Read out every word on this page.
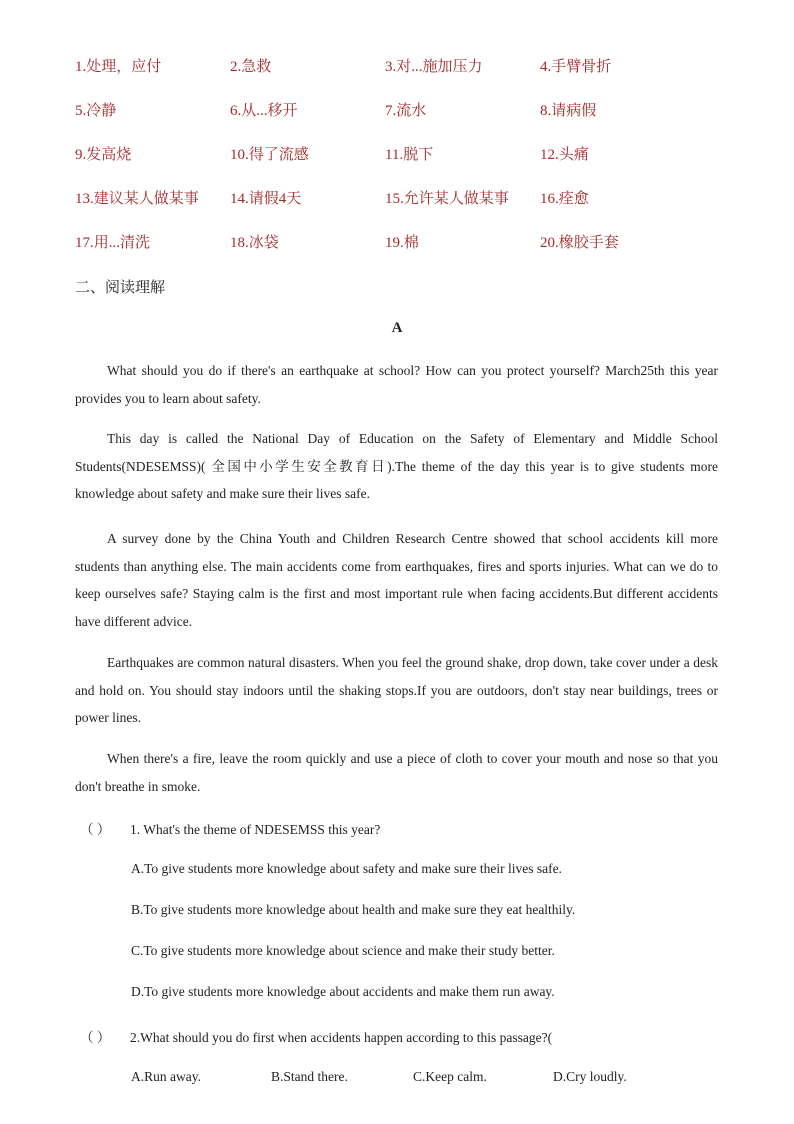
1.处理，应付	2.急救	3.对...施加压力	4.手臂骨折
5.冷静	6.从...移开	7.流水	8.请病假
9.发高烧	10.得了流感	11.脱下	12.头痛
13.建议某人做某事 14.请假4天	15.允许某人做某事 16.痊愈
17.用...清洗	18.冰袋	19.棉	20.橡胶手套
二、阅读理解
A

What should you do if there's an earthquake at school? How can you protect yourself? March25th this year provides you to learn about safety.

This day is called the National Day of Education on the Safety of Elementary and Middle School Students(NDESEMSS)( 全国中小学生安全教育日).The theme of the day this year is to give students more knowledge about safety and make sure their lives safe.

A survey done by the China Youth and Children Research Centre showed that school accidents kill more students than anything else. The main accidents come from earthquakes, fires and sports injuries. What can we do to keep ourselves safe? Staying calm is the first and most important rule when facing accidents.But different accidents have different advice.

Earthquakes are common natural disasters. When you feel the ground shake, drop down, take cover under a desk and hold on. You should stay indoors until the shaking stops.If you are outdoors, don't stay near buildings, trees or power lines.

When there's a fire, leave the room quickly and use a piece of cloth to cover your mouth and nose so that you don't breathe in smoke.

（ ） 1. What's the theme of NDESEMSS this year?
A.To give students more knowledge about safety and make sure their lives safe.
B.To give students more knowledge about health and make sure they eat healthily.
C.To give students more knowledge about science and make their study better.
D.To give students more knowledge about accidents and make them run away.
（ ） 2.What should you do first when accidents happen according to this passage?(
A.Run away.	B.Stand there.	C.Keep calm.	D.Cry loudly.
